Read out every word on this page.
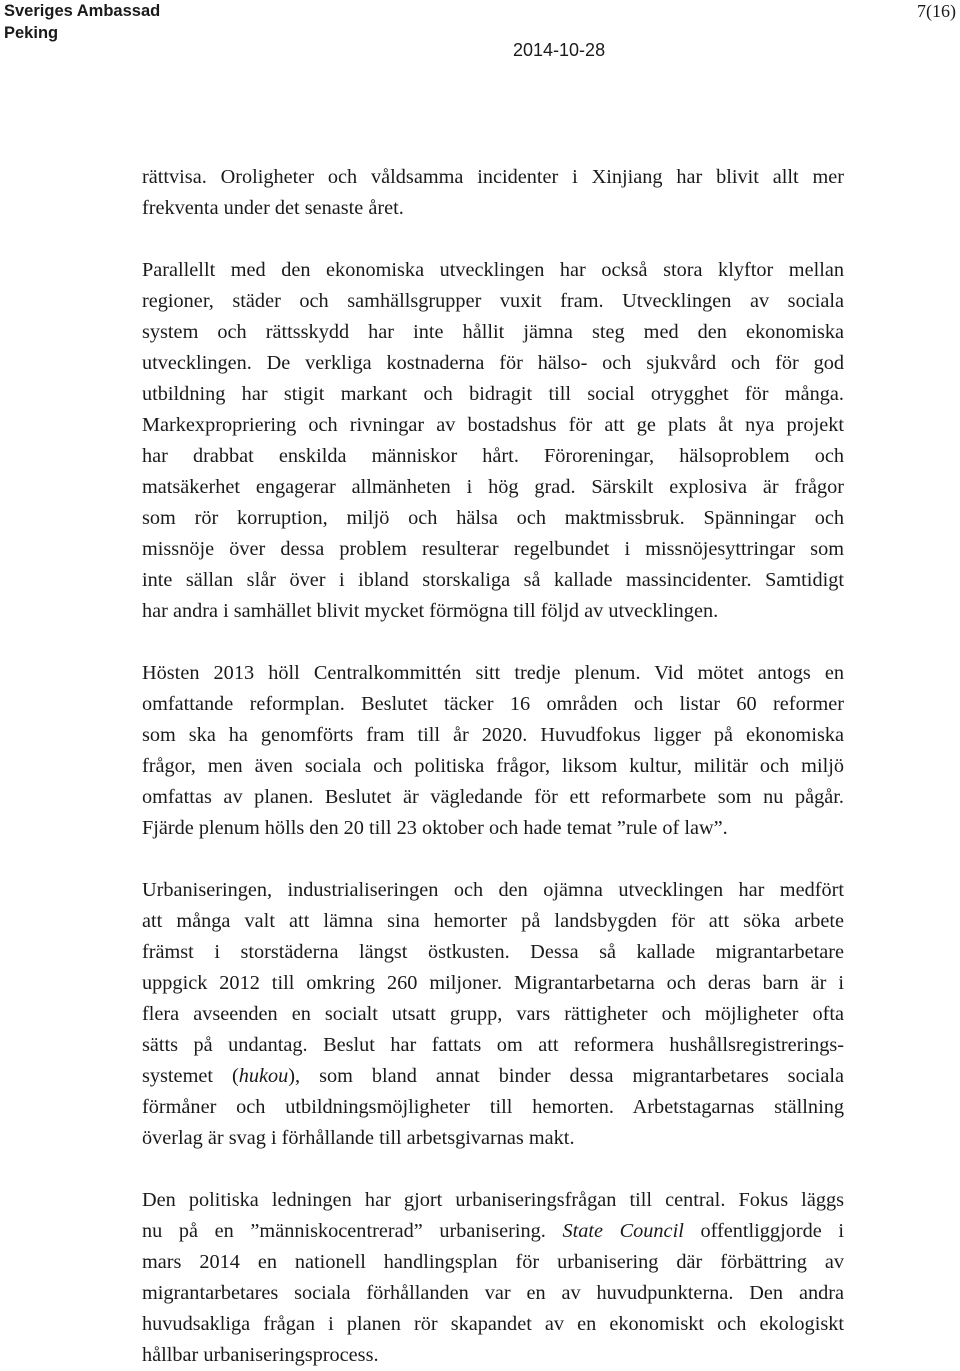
Sveriges Ambassad
Peking
7(16)
2014-10-28

rättvisa. Oroligheter och våldsamma incidenter i Xinjiang har blivit allt mer
frekventa under det senaste året.

Parallellt med den ekonomiska utvecklingen har också stora klyftor mellan
regioner, städer och samhällsgrupper vuxit fram. Utvecklingen av sociala
system och rättsskydd har inte hållit jämna steg med den ekonomiska
utvecklingen. De verkliga kostnaderna för hälso- och sjukvård och för god
utbildning har stigit markant och bidragit till social otrygghet för många.
Markexpropriering och rivningar av bostadshus för att ge plats åt nya projekt
har drabbat enskilda människor hårt. Föroreningar, hälsoproblem och
matsäkerhet engagerar allmänheten i hög grad. Särskilt explosiva är frågor
som rör korruption, miljö och hälsa och maktmissbruk. Spänningar och
missnöje över dessa problem resulterar regelbundet i missnöjesyttringar som
inte sällan slår över i ibland storskaliga så kallade massincidenter. Samtidigt
har andra i samhället blivit mycket förmögna till följd av utvecklingen.

Hösten 2013 höll Centralkommittén sitt tredje plenum. Vid mötet antogs en
omfattande reformplan. Beslutet täcker 16 områden och listar 60 reformer
som ska ha genomförts fram till år 2020. Huvudfokus ligger på ekonomiska
frågor, men även sociala och politiska frågor, liksom kultur, militär och miljö
omfattas av planen. Beslutet är vägledande för ett reformarbete som nu pågår.
Fjärde plenum hölls den 20 till 23 oktober och hade temat ”rule of law”.

Urbaniseringen, industrialiseringen och den ojämna utvecklingen har medfört
att många valt att lämna sina hemorter på landsbygden för att söka arbete
främst i storstäderna längst östkusten. Dessa så kallade migrantarbetare
uppgick 2012 till omkring 260 miljoner. Migrantarbetarna och deras barn är i
flera avseenden en socialt utsatt grupp, vars rättigheter och möjligheter ofta
sätts på undantag. Beslut har fattats om att reformera hushållsregistrerings-
systemet (hukou), som bland annat binder dessa migrantarbetares sociala
förmåner och utbildningsmöjligheter till hemorten. Arbetstagarnas ställning
överlag är svag i förhållande till arbetsgivarnas makt.

Den politiska ledningen har gjort urbaniseringsfrågan till central. Fokus läggs
nu på en ”människocentrerad” urbanisering. State Council offentliggjorde i
mars 2014 en nationell handlingsplan för urbanisering där förbättring av
migrantarbetares sociala förhållanden var en av huvudpunkterna. Den andra
huvudsakliga frågan i planen rör skapandet av en ekonomiskt och ekologiskt
hållbar urbaniseringsprocess.
